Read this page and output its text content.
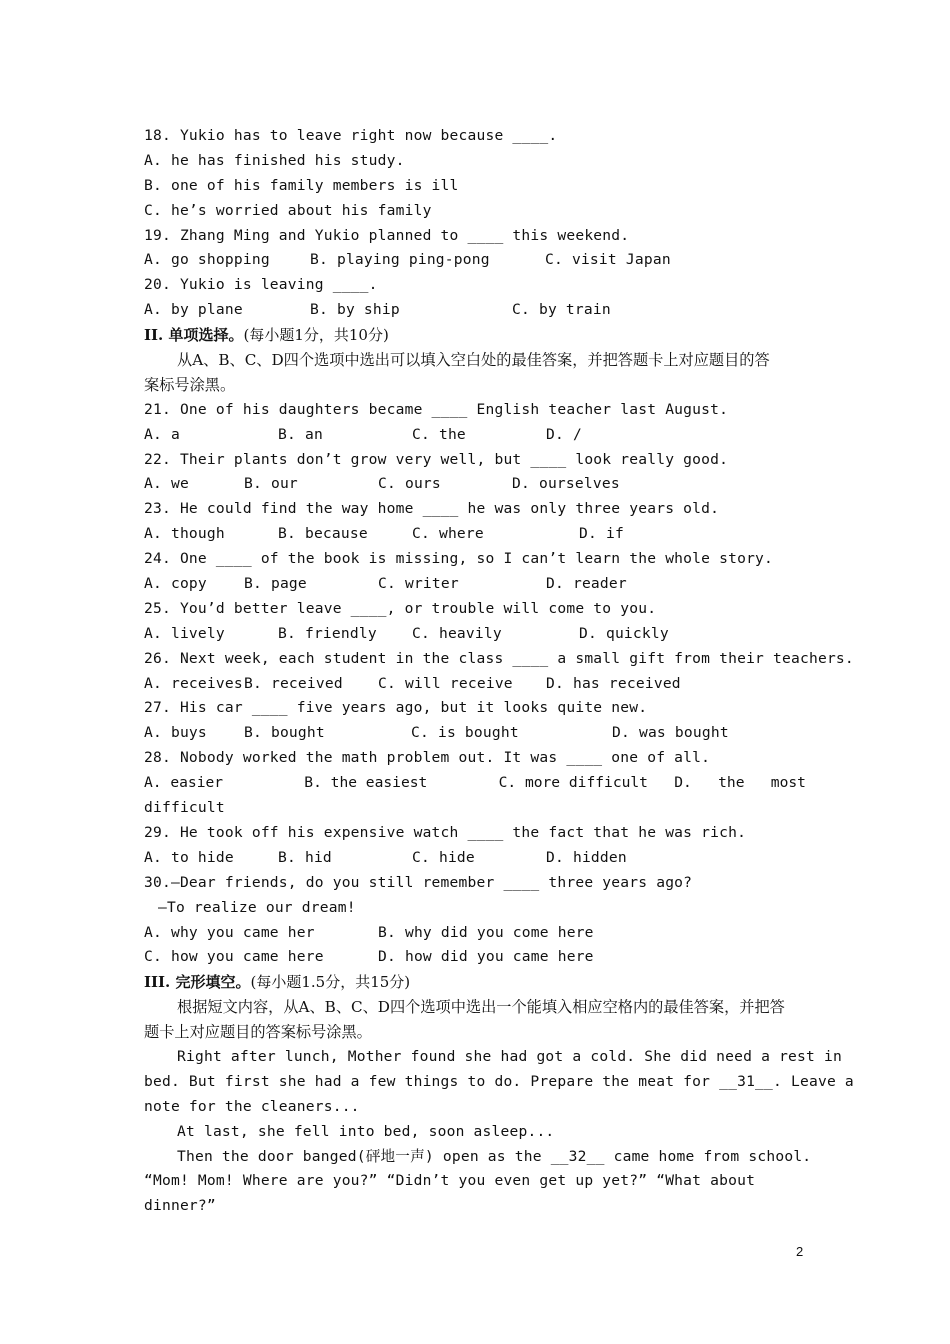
18. Yukio has to leave right now because ____.
A. he has finished his study.
B. one of his family members is ill
C. he’s worried about his family
19. Zhang Ming and Yukio planned to ____ this weekend.
A. go shopping	B. playing ping-pong	C. visit Japan
20. Yukio is leaving ____.
A. by plane	B. by ship	C. by train
II. 单项选择。(每小题1分，共10分)
从A、B、C、D四个选项中选出可以填入空白处的最佳答案，并把答题卡上对应题目的答
案标号涂黑。
21. One of his daughters became ____ English teacher last August.
A. a	B. an	C. the	D. /
22. Their plants don’t grow very well, but ____ look really good.
A. we	B. our	C. ours	D. ourselves
23. He could find the way home ____ he was only three years old.
A. though	B. because	C. where	D. if
24. One ____ of the book is missing, so I can’t learn the whole story.
A. copy	B. page	C. writer	D. reader
25. You’d better leave ____, or trouble will come to you.
A. lively	B. friendly C. heavily	D. quickly
26. Next week, each student in the class ____ a small gift from their teachers.
A. receivesB. received C. will receive D. has received
27. His car ____ five years ago, but it looks quite new.
A. buys	B. bought	C. is bought	D. was bought
28. Nobody worked the math problem out. It was ____ one of all.
A. easier	B. the easiest	C. more difficult D. the most
difficult
29. He took off his expensive watch ____ the fact that he was rich.
A. to hide	B. hid	C. hide	D. hidden
30.—Dear friends, do you still remember ____ three years ago?
—To realize our dream!
A. why you came her	B. why did you come here
C. how you came here	D. how did you came here
III. 完形填空。(每小题1.5分，共15分)
根据短文内容，从A、B、C、D四个选项中选出一个能填入相应空格内的最佳答案，并把答
题卡上对应题目的答案标号涂黑。
Right after lunch, Mother found she had got a cold. She did need a rest in
bed. But first she had a few things to do. Prepare the meat for __31__. Leave a
note for the cleaners...
At last, she fell into bed, soon asleep...
Then the door banged(砰地一声) open as the __32__ came home from school.
“Mom! Mom! Where are you?” “Didn’t you even get up yet?” “What about
dinner?”
2
